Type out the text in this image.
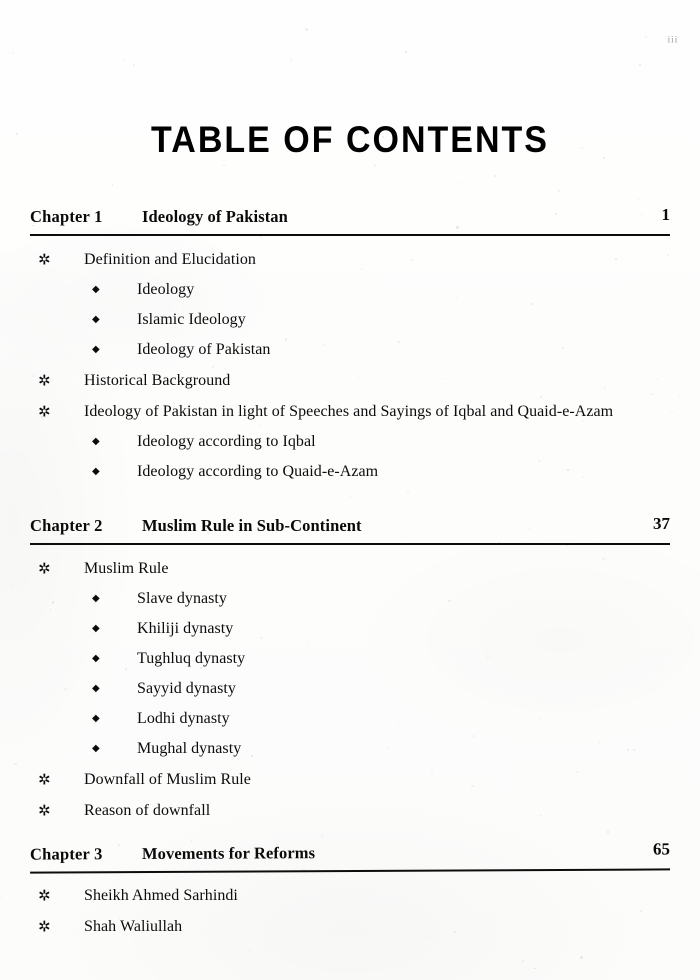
iii
TABLE OF CONTENTS
Chapter 1 Ideology of Pakistan	1
✲ Definition and Elucidation
◆ Ideology
◆ Islamic Ideology
◆ Ideology of Pakistan
✲ Historical Background
✲ Ideology of Pakistan in light of Speeches and Sayings of Iqbal and Quaid-e-Azam
◆ Ideology according to Iqbal
◆ Ideology according to Quaid-e-Azam
Chapter 2 Muslim Rule in Sub-Continent	37
✲ Muslim Rule
◆ Slave dynasty
◆ Khiliji dynasty
◆ Tughluq dynasty
◆ Sayyid dynasty
◆ Lodhi dynasty
◆ Mughal dynasty
✲ Downfall of Muslim Rule
✲ Reason of downfall
Chapter 3 Movements for Reforms	65
✲ Sheikh Ahmed Sarhindi
✲ Shah Waliullah
